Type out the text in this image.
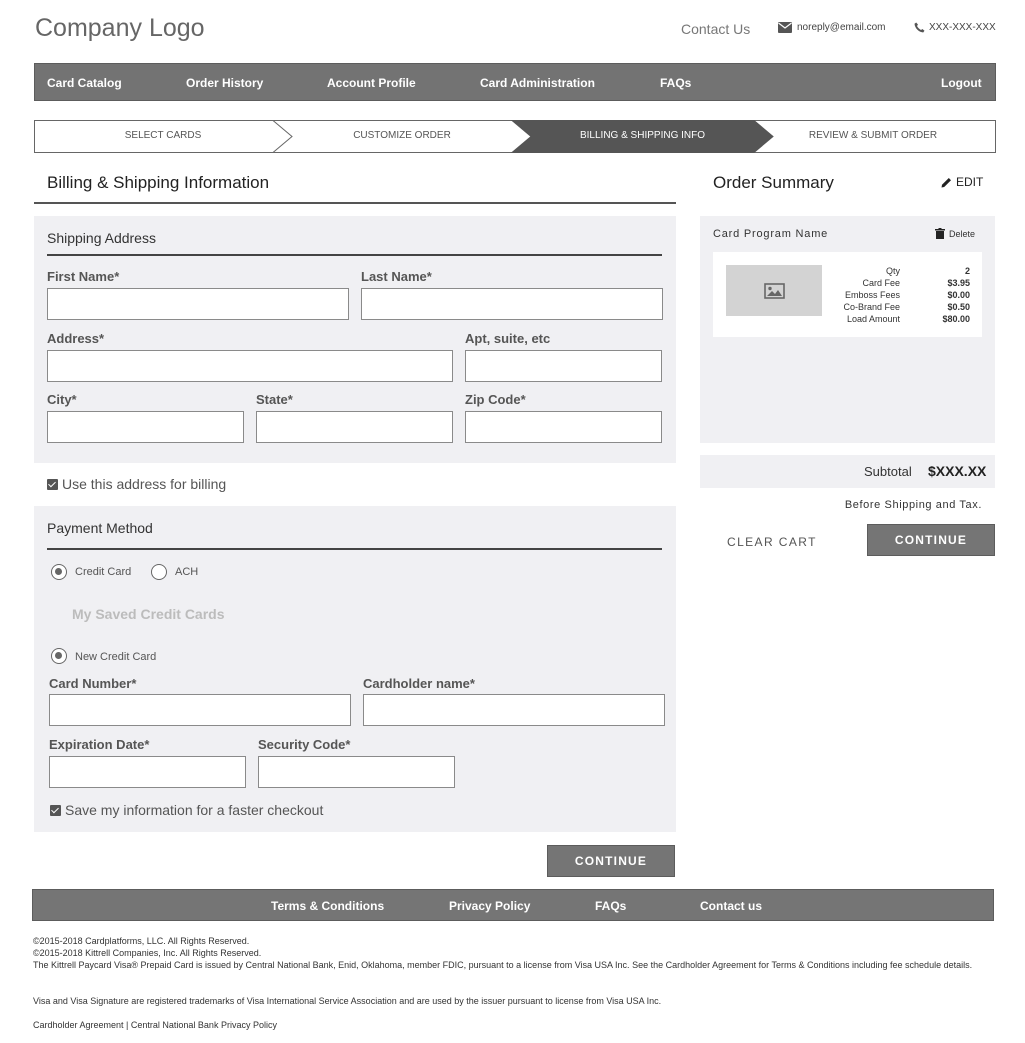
Company Logo	Contact Us	noreply@email.com	XXX-XXX-XXX
Card Catalog	Order History	Account Profile	Card Administration	FAQs	Logout
SELECT CARDS	CUSTOMIZE ORDER	BILLING & SHIPPING INFO	REVIEW & SUBMIT ORDER
Billing & Shipping Information
Shipping Address
First Name*	Last Name*
Address*	Apt, suite, etc
City*	State*	Zip Code*
Use this address for billing
Payment Method
Credit Card	ACH
My Saved Credit Cards
New Credit Card
Card Number*	Cardholder name*
Expiration Date*	Security Code*
Save my information for a faster checkout
CONTINUE
Order Summary	EDIT
Card Program Name	Delete
Qty	2
Card Fee	$3.95
Emboss Fees	$0.00
Co-Brand Fee	$0.50
Load Amount	$80.00
Subtotal $XXX.XX
Before Shipping and Tax.
CLEAR CART	CONTINUE
Terms & Conditions	Privacy Policy	FAQs	Contact us
©2015-2018 Cardplatforms, LLC. All Rights Reserved.
©2015-2018 Kittrell Companies, Inc. All Rights Reserved.
The Kittrell Paycard Visa® Prepaid Card is issued by Central National Bank, Enid, Oklahoma, member FDIC, pursuant to a license from Visa USA Inc. See the Cardholder Agreement for Terms & Conditions including fee schedule details.
Visa and Visa Signature are registered trademarks of Visa International Service Association and are used by the issuer pursuant to license from Visa USA Inc.
Cardholder Agreement | Central National Bank Privacy Policy
